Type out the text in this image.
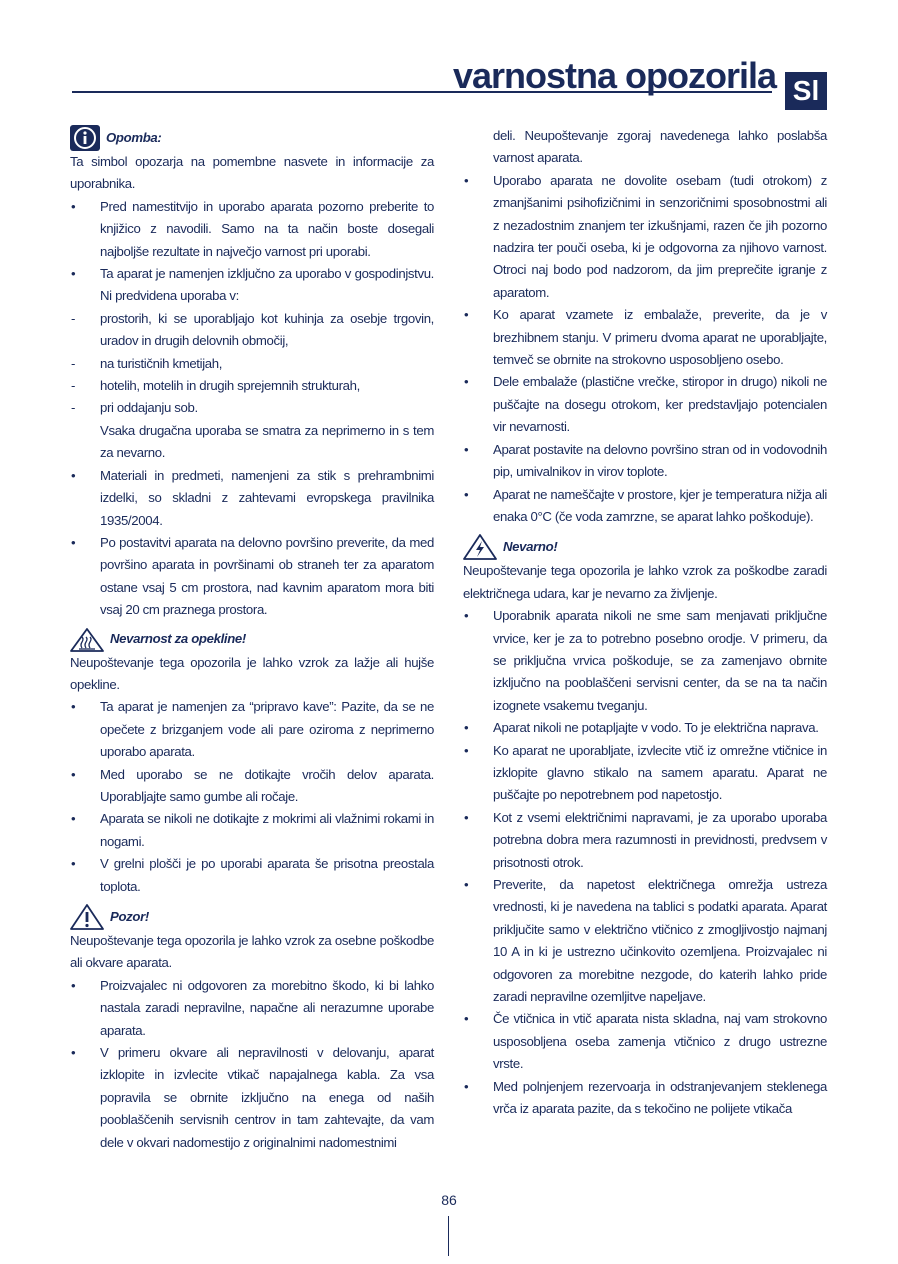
varnostna opozorila Sl
Opomba:

Ta simbol opozarja na pomembne nasvete in informacije za uporabnika.

• Pred namestitvijo in uporabo aparata pozorno preberite to knjižico z navodili. Samo na ta način boste dosegali najboljše rezultate in največjo varnost pri uporabi.
• Ta aparat je namenjen izključno za uporabo v gospodinjstvu. Ni predvidena uporaba v:
- prostorih, ki se uporabljajo kot kuhinja za osebje trgovin, uradov in drugih delovnih območij,
- na turističnih kmetijah,
- hotelih, motelih in drugih sprejemnih strukturah,
- pri oddajanju sob.

Vsaka drugačna uporaba se smatra za neprimerno in s tem za nevarno.

• Materiali in predmeti, namenjeni za stik s prehrambnimi izdelki, so skladni z zahtevami evropskega pravilnika 1935/2004.
• Po postavitvi aparata na delovno površino preverite, da med površino aparata in površinami ob straneh ter za aparatom ostane vsaj 5 cm prostora, nad kavnim aparatom mora biti vsaj 20 cm praznega prostora.
Nevarnost za opekline!

Neupoštevanje tega opozorila je lahko vzrok za lažje ali hujše opekline.

• Ta aparat je namenjen za “pripravo kave”: Pazite, da se ne opečete z brizganjem vode ali pare oziroma z neprimerno uporabo aparata.
• Med uporabo se ne dotikajte vročih delov aparata. Uporabljajte samo gumbe ali ročaje.
• Aparata se nikoli ne dotikajte z mokrimi ali vlažnimi rokami in nogami.
• V grelni plošči je po uporabi aparata še prisotna preostala toplota.
Pozor!

Neupoštevanje tega opozorila je lahko vzrok za osebne poškodbe ali okvare aparata.

• Proizvajalec ni odgovoren za morebitno škodo, ki bi lahko nastala zaradi nepravilne, napačne ali nerazumne uporabe aparata.
• V primeru okvare ali nepravilnosti v delovanju, aparat izklopite in izvlecite vtikač napajalnega kabla. Za vsa popravila se obrnite izključno na enega od naših pooblaščenih servisnih centrov in tam zahtevajte, da vam dele v okvari nadomestijo z originalnimi nadomestnimi

deli. Neupoštevanje zgoraj navedenega lahko poslabša varnost aparata.

• Uporabo aparata ne dovolite osebam (tudi otrokom) z zmanjšanimi psihofizičnimi in senzoričnimi sposobnostmi ali z nezadostnim znanjem ter izkušnjami, razen če jih pozorno nadzira ter pouči oseba, ki je odgovorna za njihovo varnost. Otroci naj bodo pod nadzorom, da jim preprečite igranje z aparatom.
• Ko aparat vzamete iz embalaže, preverite, da je v brezhibnem stanju. V primeru dvoma aparat ne uporabljajte, temveč se obrnite na strokovno usposobljeno osebo.
• Dele embalaže (plastične vrečke, stiropor in drugo) nikoli ne puščajte na dosegu otrokom, ker predstavljajo potencialen vir nevarnosti.
• Aparat postavite na delovno površino stran od in vodovodnih pip, umivalnikov in virov toplote.
• Aparat ne nameščajte v prostore, kjer je temperatura nižja ali enaka 0°C (če voda zamrzne, se aparat lahko poškoduje).
Nevarno!

Neupoštevanje tega opozorila je lahko vzrok za poškodbe zaradi električnega udara, kar je nevarno za življenje.

• Uporabnik aparata nikoli ne sme sam menjavati priključne vrvice, ker je za to potrebno posebno orodje. V primeru, da se priključna vrvica poškoduje, se za zamenjavo obrnite izključno na pooblaščeni servisni center, da se na ta način izognete vsakemu tveganju.
• Aparat nikoli ne potapljajte v vodo. To je električna naprava.
• Ko aparat ne uporabljate, izvlecite vtič iz omrežne vtičnice in izklopite glavno stikalo na samem aparatu. Aparat ne puščajte po nepotrebnem pod napetostjo.
• Kot z vsemi električnimi napravami, je za uporabo uporaba potrebna dobra mera razumnosti in previdnosti, predvsem v prisotnosti otrok.
• Preverite, da napetost električnega omrežja ustreza vrednosti, ki je navedena na tablici s podatki aparata. Aparat priključite samo v električno vtičnico z zmogljivostjo najmanj 10 A in ki je ustrezno učinkovito ozemljena. Proizvajalec ni odgovoren za morebitne nezgode, do katerih lahko pride zaradi nepravilne ozemljitve napeljave.
• Če vtičnica in vtič aparata nista skladna, naj vam strokovno usposobljena oseba zamenja vtičnico z drugo ustrezne vrste.
• Med polnjenjem rezervoarja in odstranjevanjem steklenega vrča iz aparata pazite, da s tekočino ne polijete vtikača
86
